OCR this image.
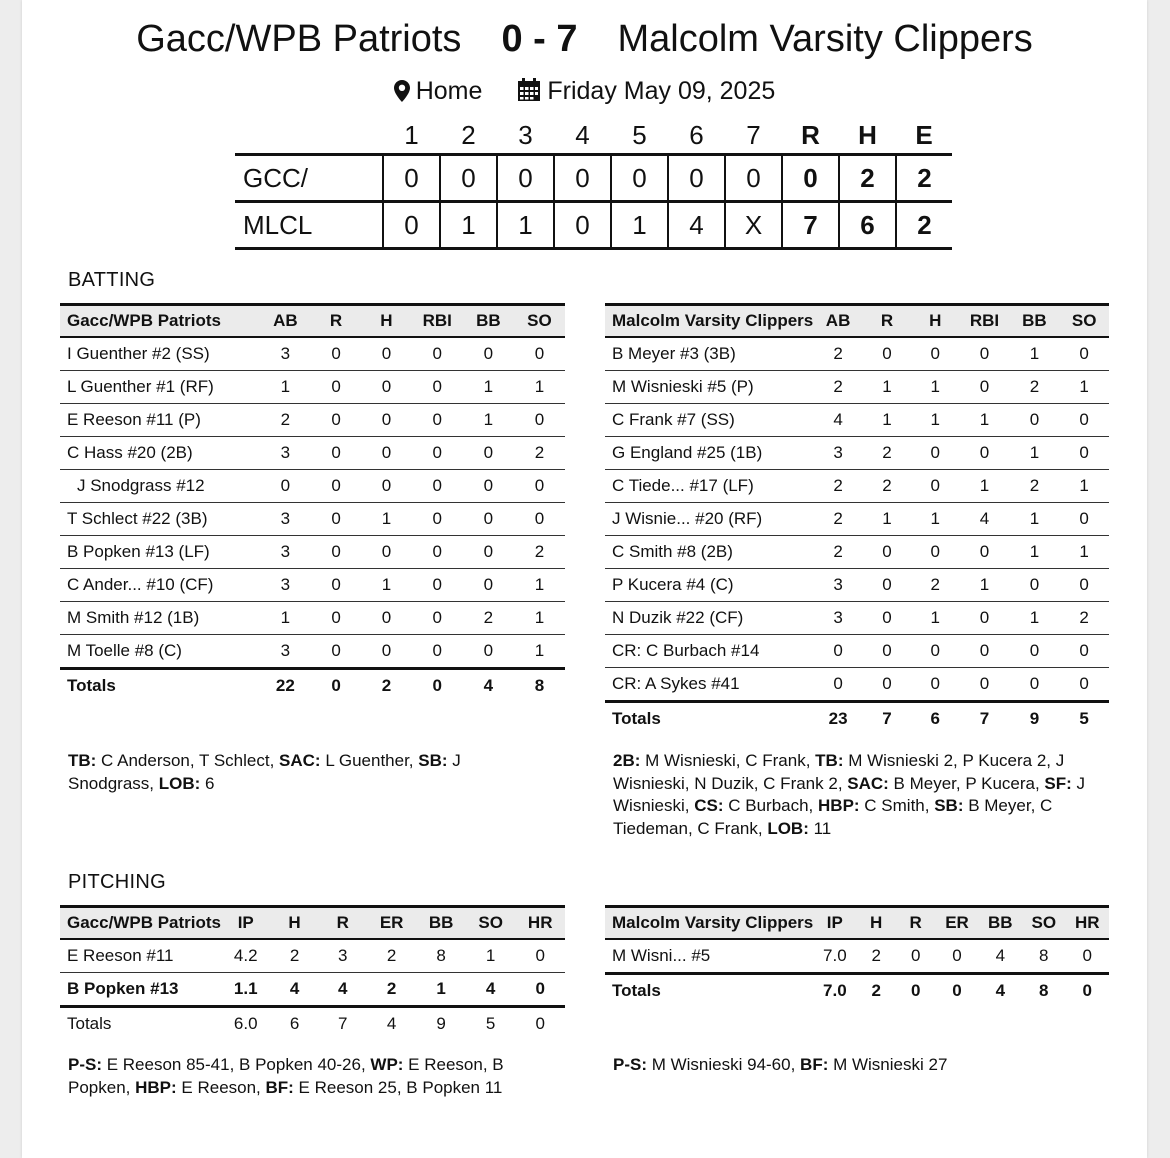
Gacc/WPB Patriots 0 - 7 Malcolm Varsity Clippers
Home	Friday May 09, 2025
	1	2	3	4	5	6	7	R	H	E
GCC/	0	0	0	0	0	0	0	0	2	2
MLCL	0	1	1	0	1	4	X	7	6	2
BATTING
Gacc/WPB Patriots	AB	R	H	RBI	BB	SO
I Guenther #2 (SS)	3	0	0	0	0	0
L Guenther #1 (RF)	1	0	0	0	1	1
E Reeson #11 (P)	2	0	0	0	1	0
C Hass #20 (2B)	3	0	0	0	0	2
J Snodgrass #12	0	0	0	0	0	0
T Schlect #22 (3B)	3	0	1	0	0	0
B Popken #13 (LF)	3	0	0	0	0	2
C Ander... #10 (CF)	3	0	1	0	0	1
M Smith #12 (1B)	1	0	0	0	2	1
M Toelle #8 (C)	3	0	0	0	0	1
Totals	22	0	2	0	4	8
Malcolm Varsity Clippers	AB	R	H	RBI	BB	SO
B Meyer #3 (3B)	2	0	0	0	1	0
M Wisnieski #5 (P)	2	1	1	0	2	1
C Frank #7 (SS)	4	1	1	1	0	0
G England #25 (1B)	3	2	0	0	1	0
C Tiede... #17 (LF)	2	2	0	1	2	1
J Wisnie... #20 (RF)	2	1	1	4	1	0
C Smith #8 (2B)	2	0	0	0	1	1
P Kucera #4 (C)	3	0	2	1	0	0
N Duzik #22 (CF)	3	0	1	0	1	2
CR: C Burbach #14	0	0	0	0	0	0
CR: A Sykes #41	0	0	0	0	0	0
Totals	23	7	6	7	9	5
TB: C Anderson, T Schlect, SAC: L Guenther, SB: J Snodgrass, LOB: 6
2B: M Wisnieski, C Frank, TB: M Wisnieski 2, P Kucera 2, J Wisnieski, N Duzik, C Frank 2, SAC: B Meyer, P Kucera, SF: J Wisnieski, CS: C Burbach, HBP: C Smith, SB: B Meyer, C Tiedeman, C Frank, LOB: 11
PITCHING
Gacc/WPB Patriots	IP	H	R	ER	BB	SO	HR
E Reeson #11	4.2	2	3	2	8	1	0
B Popken #13	1.1	4	4	2	1	4	0
Totals	6.0	6	7	4	9	5	0
Malcolm Varsity Clippers	IP	H	R	ER	BB	SO	HR
M Wisni... #5	7.0	2	0	0	4	8	0
Totals	7.0	2	0	0	4	8	0
P-S: E Reeson 85-41, B Popken 40-26, WP: E Reeson, B Popken, HBP: E Reeson, BF: E Reeson 25, B Popken 11
P-S: M Wisnieski 94-60, BF: M Wisnieski 27
